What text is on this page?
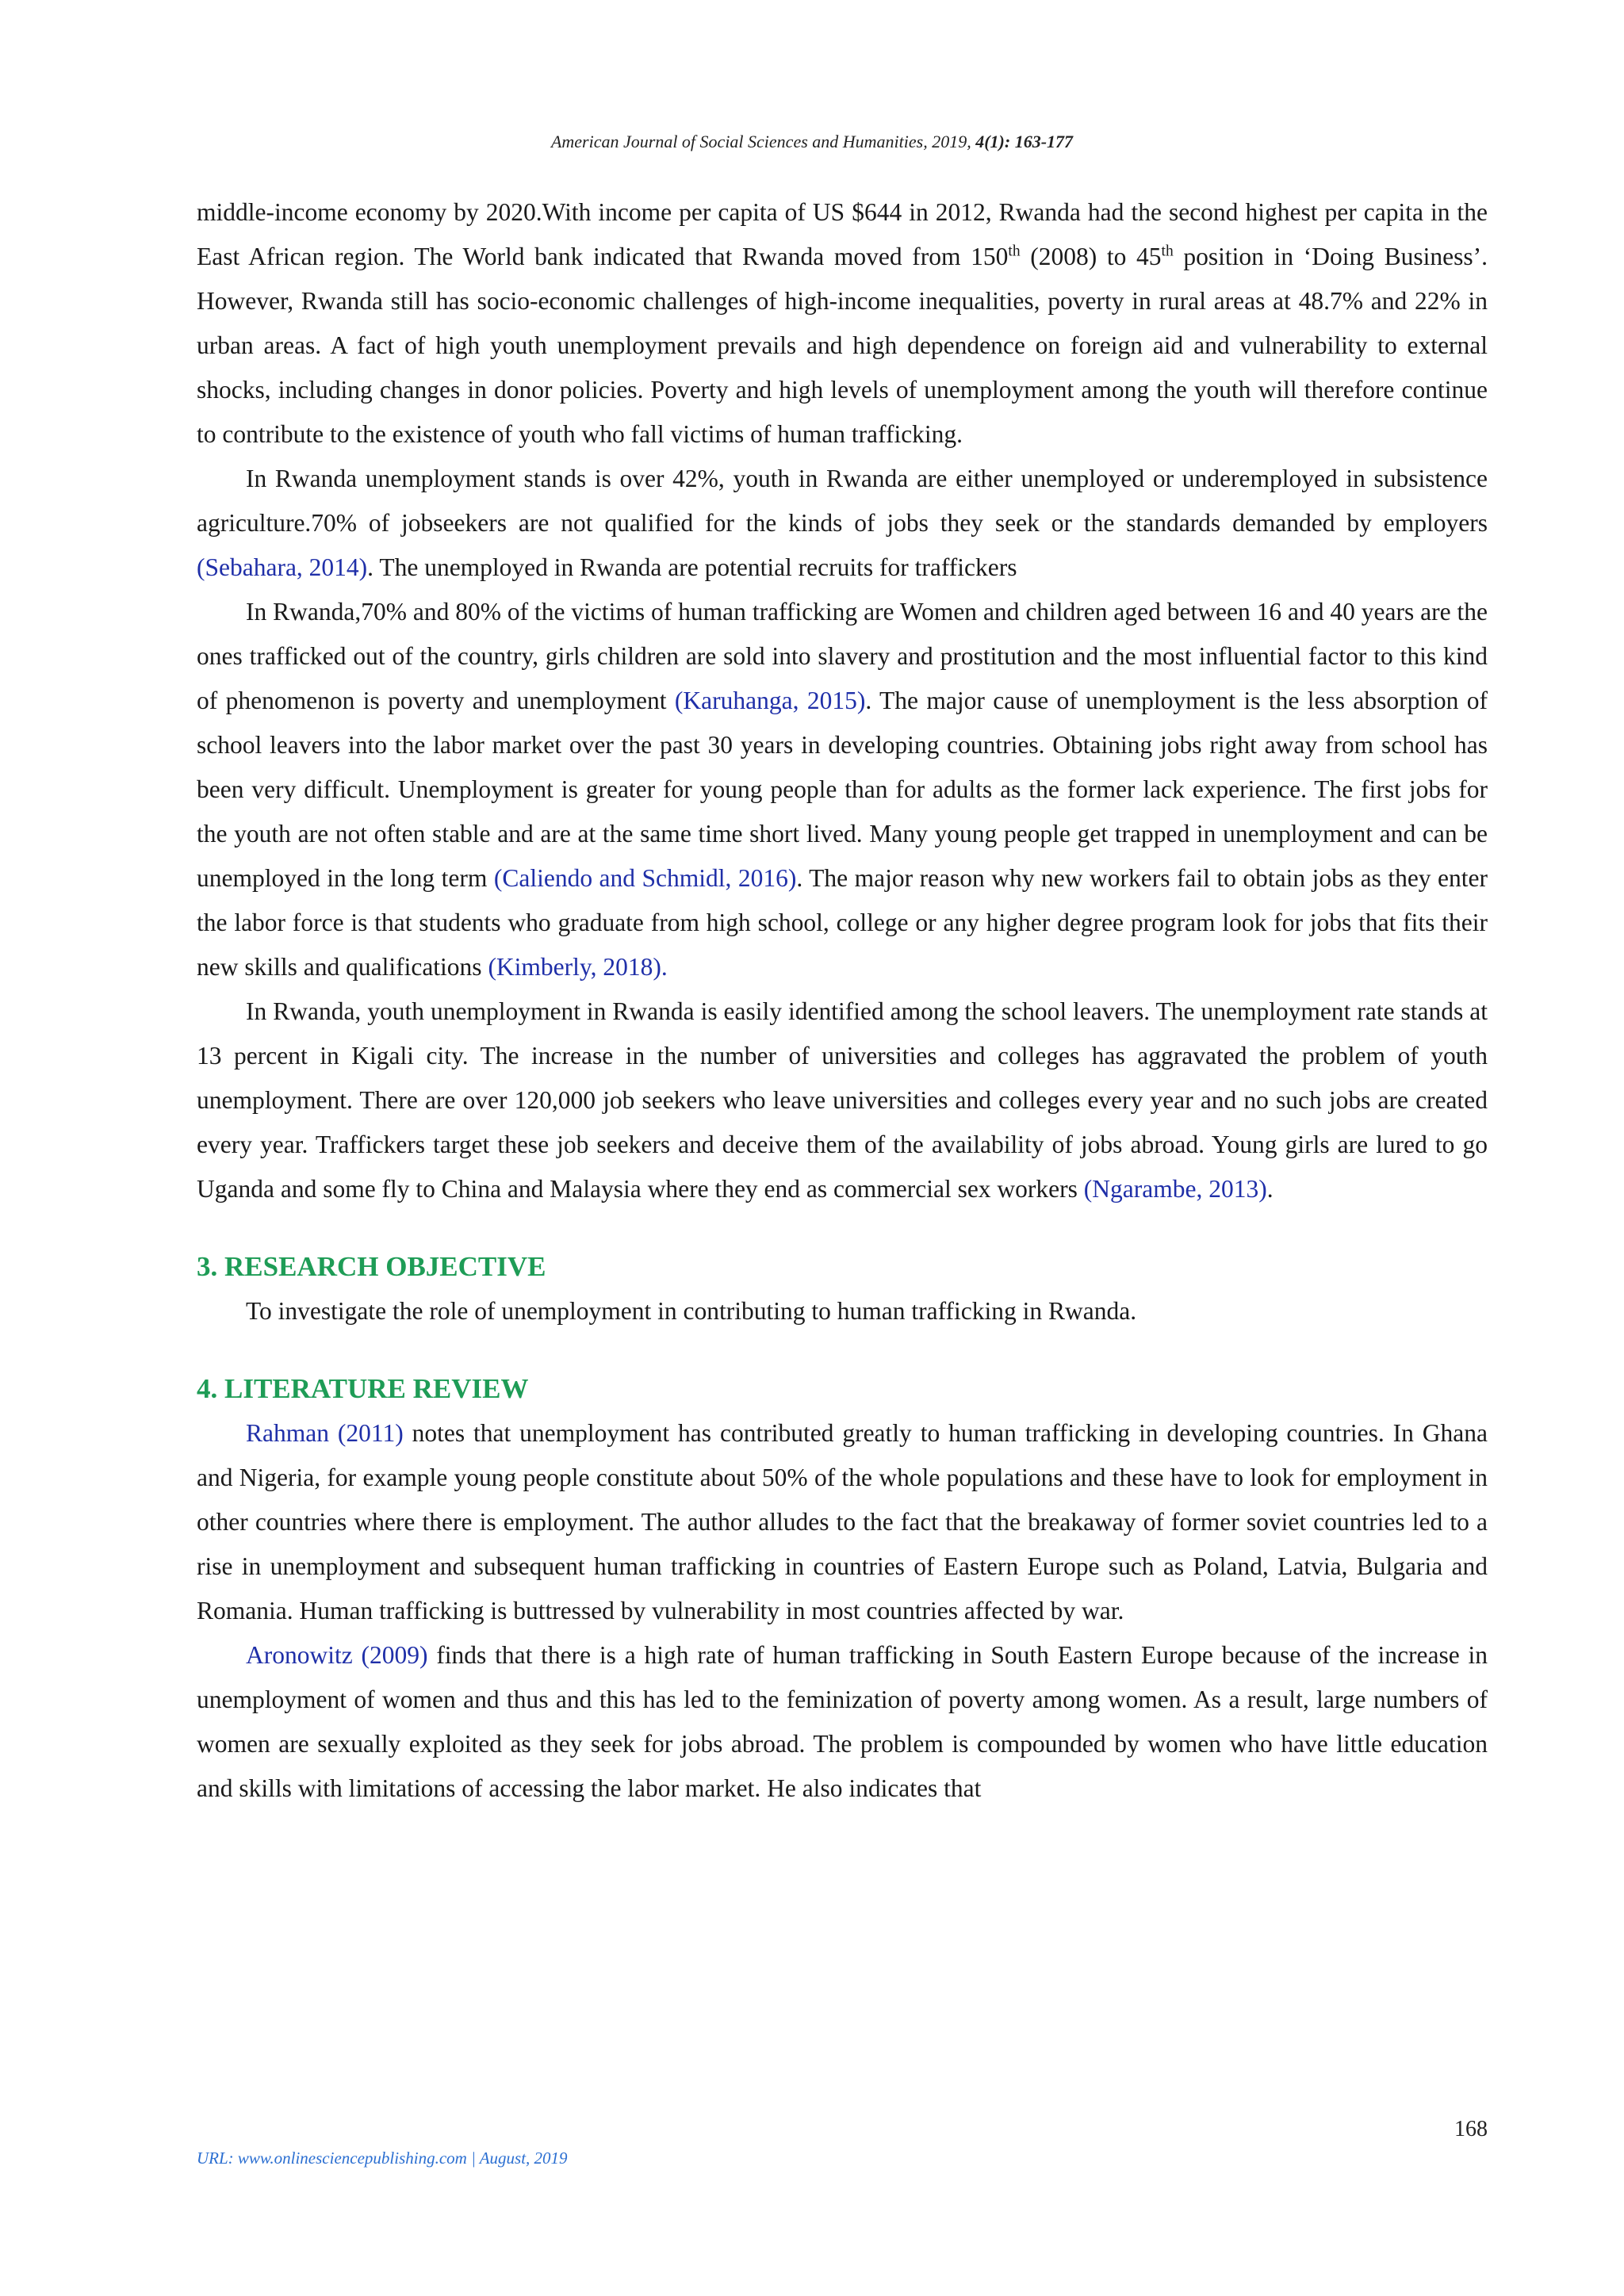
American Journal of Social Sciences and Humanities, 2019, 4(1): 163-177

middle-income economy by 2020.With income per capita of US $644 in 2012, Rwanda had the second highest per capita in the East African region. The World bank indicated that Rwanda moved from 150th (2008) to 45th position in ‘Doing Business’. However, Rwanda still has socio-economic challenges of high-income inequalities, poverty in rural areas at 48.7% and 22% in urban areas. A fact of high youth unemployment prevails and high dependence on foreign aid and vulnerability to external shocks, including changes in donor policies. Poverty and high levels of unemployment among the youth will therefore continue to contribute to the existence of youth who fall victims of human trafficking.

In Rwanda unemployment stands is over 42%, youth in Rwanda are either unemployed or underemployed in subsistence agriculture.70% of jobseekers are not qualified for the kinds of jobs they seek or the standards demanded by employers (Sebahara, 2014). The unemployed in Rwanda are potential recruits for traffickers

In Rwanda,70% and 80% of the victims of human trafficking are Women and children aged between 16 and 40 years are the ones trafficked out of the country, girls children are sold into slavery and prostitution and the most influential factor to this kind of phenomenon is poverty and unemployment (Karuhanga, 2015). The major cause of unemployment is the less absorption of school leavers into the labor market over the past 30 years in developing countries. Obtaining jobs right away from school has been very difficult. Unemployment is greater for young people than for adults as the former lack experience. The first jobs for the youth are not often stable and are at the same time short lived. Many young people get trapped in unemployment and can be unemployed in the long term (Caliendo and Schmidl, 2016). The major reason why new workers fail to obtain jobs as they enter the labor force is that students who graduate from high school, college or any higher degree program look for jobs that fits their new skills and qualifications (Kimberly, 2018).

In Rwanda, youth unemployment in Rwanda is easily identified among the school leavers. The unemployment rate stands at 13 percent in Kigali city. The increase in the number of universities and colleges has aggravated the problem of youth unemployment. There are over 120,000 job seekers who leave universities and colleges every year and no such jobs are created every year. Traffickers target these job seekers and deceive them of the availability of jobs abroad. Young girls are lured to go Uganda and some fly to China and Malaysia where they end as commercial sex workers (Ngarambe, 2013).

3. RESEARCH OBJECTIVE

To investigate the role of unemployment in contributing to human trafficking in Rwanda.

4. LITERATURE REVIEW

Rahman (2011) notes that unemployment has contributed greatly to human trafficking in developing countries. In Ghana and Nigeria, for example young people constitute about 50% of the whole populations and these have to look for employment in other countries where there is employment. The author alludes to the fact that the breakaway of former soviet countries led to a rise in unemployment and subsequent human trafficking in countries of Eastern Europe such as Poland, Latvia, Bulgaria and Romania. Human trafficking is buttressed by vulnerability in most countries affected by war.

Aronowitz (2009) finds that there is a high rate of human trafficking in South Eastern Europe because of the increase in unemployment of women and thus and this has led to the feminization of poverty among women. As a result, large numbers of women are sexually exploited as they seek for jobs abroad. The problem is compounded by women who have little education and skills with limitations of accessing the labor market. He also indicates that

168
URL: www.onlinesciencepublishing.com | August, 2019
